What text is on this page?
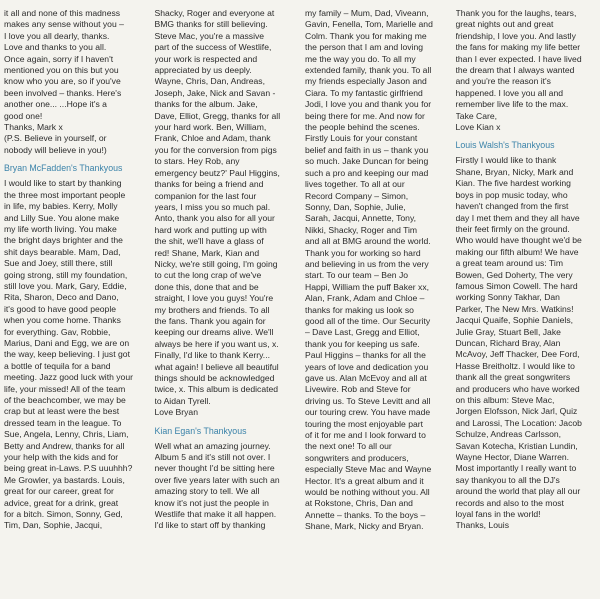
it all and none of this madness
makes any sense without you –
I love you all dearly, thanks.
Love and thanks to you all.
Once again, sorry if I haven't
mentioned you on this but you
know who you are, so if you've
been involved – thanks. Here's
another one... ...Hope it's a
good one!
Thanks, Mark x
(P.S. Believe in yourself, or
nobody will believe in you!)

Bryan McFadden's Thankyous

I would like to start by thanking
the three most important people
in life, my babies. Kerry, Molly
and Lilly Sue. You alone make
my life worth living. You make
the bright days brighter and the
shit days bearable. Mam, Dad,
Sue and Joey, still there, still
going strong, still my foundation,
still love you. Mark, Gary, Eddie,
Rita, Sharon, Deco and Dano,
it's good to have good people
when you come home. Thanks
for everything. Gav, Robbie,
Marius, Dani and Egg, we are on
the way, keep believing. I just got
a bottle of tequila for a band
meeting. Jazz good luck with your
life, your missed! All of the team
of the beachcomber, we may be
crap but at least were the best
dressed team in the league. To
Sue, Angela, Lenny, Chris, Liam,
Betty and Andrew, thanks for all
your help with the kids and for
being great in-Laws. P.S uuuhhh?
Me Growler, ya bastards. Louis,
great for our career, great for
advice, great for a drink, great
for a bitch. Simon, Sonny, Ged,
Tim, Dan, Sophie, Jacqui,

Shacky, Roger and everyone at
BMG thanks for still believing.
Steve Mac, you're a massive
part of the success of Westlife,
your work is respected and
appreciated by us deeply.
Wayne, Chris, Dan, Andreas,
Joseph, Jake, Nick and Savan -
thanks for the album. Jake,
Dave, Elliot, Gregg, thanks for all
your hard work. Ben, William,
Frank, Chloe and Adam, thank
you for the conversion from pigs
to stars. Hey Rob, any
emergency beutz?' Paul Higgins,
thanks for being a friend and
companion for the last four
years, I miss you so much pal.
Anto, thank you also for all your
hard work and putting up with
the shit, we'll have a glass of
red! Shane, Mark, Kian and
Nicky, we're still going, I'm going
to cut the long crap of we've
done this, done that and be
straight, I love you guys! You're
my brothers and friends. To all
the fans. Thank you again for
keeping our dreams alive. We'll
always be here if you want us, x.
Finally, I'd like to thank Kerry...
what again! I believe all beautiful
things should be acknowledged
twice, x. This album is dedicated
to Aidan Tyrell.
Love Bryan

Kian Egan's Thankyous

Well what an amazing journey.
Album 5 and it's still not over. I
never thought I'd be sitting here
over five years later with such an
amazing story to tell. We all
know it's not just the people in
Westlife that make it all happen.
I'd like to start off by thanking

my family – Mum, Dad, Viveann,
Gavin, Fenella, Tom, Marielle and
Colm. Thank you for making me
the person that I am and loving
me the way you do. To all my
extended family, thank you. To all
my friends especially Jason and
Ciara. To my fantastic girlfriend
Jodi, I love you and thank you for
being there for me. And now for
the people behind the scenes.
Firstly Louis for your constant
belief and faith in us – thank you
so much. Jake Duncan for being
such a pro and keeping our mad
lives together. To all at our
Record Company – Simon,
Sonny, Dan, Sophie, Julie,
Sarah, Jacqui, Annette, Tony,
Nikki, Shacky, Roger and Tim
and all at BMG around the world.
Thank you for working so hard
and believing in us from the very
start. To our team – Ben Jo
Happi, William the puff Baker xx,
Alan, Frank, Adam and Chloe –
thanks for making us look so
good all of the time. Our Security
– Dave Last, Gregg and Elliot,
thank you for keeping us safe.
Paul Higgins – thanks for all the
years of love and dedication you
gave us. Alan McEvoy and all at
Livewire. Rob and Steve for
driving us. To Steve Levitt and all
our touring crew. You have made
touring the most enjoyable part
of it for me and I look forward to
the next one! To all our
songwriters and producers,
especially Steve Mac and Wayne
Hector. It's a great album and it
would be nothing without you. All
at Rokstone, Chris, Dan and
Annette – thanks. To the boys –
Shane, Mark, Nicky and Bryan.

Thank you for the laughs, tears,
great nights out and great
friendship, I love you. And lastly
the fans for making my life better
than I ever expected. I have lived
the dream that I always wanted
and you're the reason it's
happened. I love you all and
remember live life to the max.
Take Care,
Love Kian x

Louis Walsh's Thankyous

Firstly I would like to thank
Shane, Bryan, Nicky, Mark and
Kian. The five hardest working
boys in pop music today, who
haven't changed from the first
day I met them and they all have
their feet firmly on the ground.
Who would have thought we'd be
making our fifth album! We have
a great team around us: Tim
Bowen, Ged Doherty, The very
famous Simon Cowell. The hard
working Sonny Takhar, Dan
Parker, The New Mrs. Watkins!
Jacqui Quaife, Sophie Daniels,
Julie Gray, Stuart Bell, Jake
Duncan, Richard Bray, Alan
McAvoy, Jeff Thacker, Dee Ford,
Hasse Breitholtz. I would like to
thank all the great songwriters
and producers who have worked
on this album: Steve Mac,
Jorgen Elofsson, Nick Jarl, Quiz
and Larossi, The Location: Jacob
Schulze, Andreas Carlsson,
Savan Kotecha, Kristian Lundin,
Wayne Hector, Diane Warren.
Most importantly I really want to
say thankyou to all the DJ's
around the world that play all our
records and also to the most
loyal fans in the world!
Thanks, Louis
